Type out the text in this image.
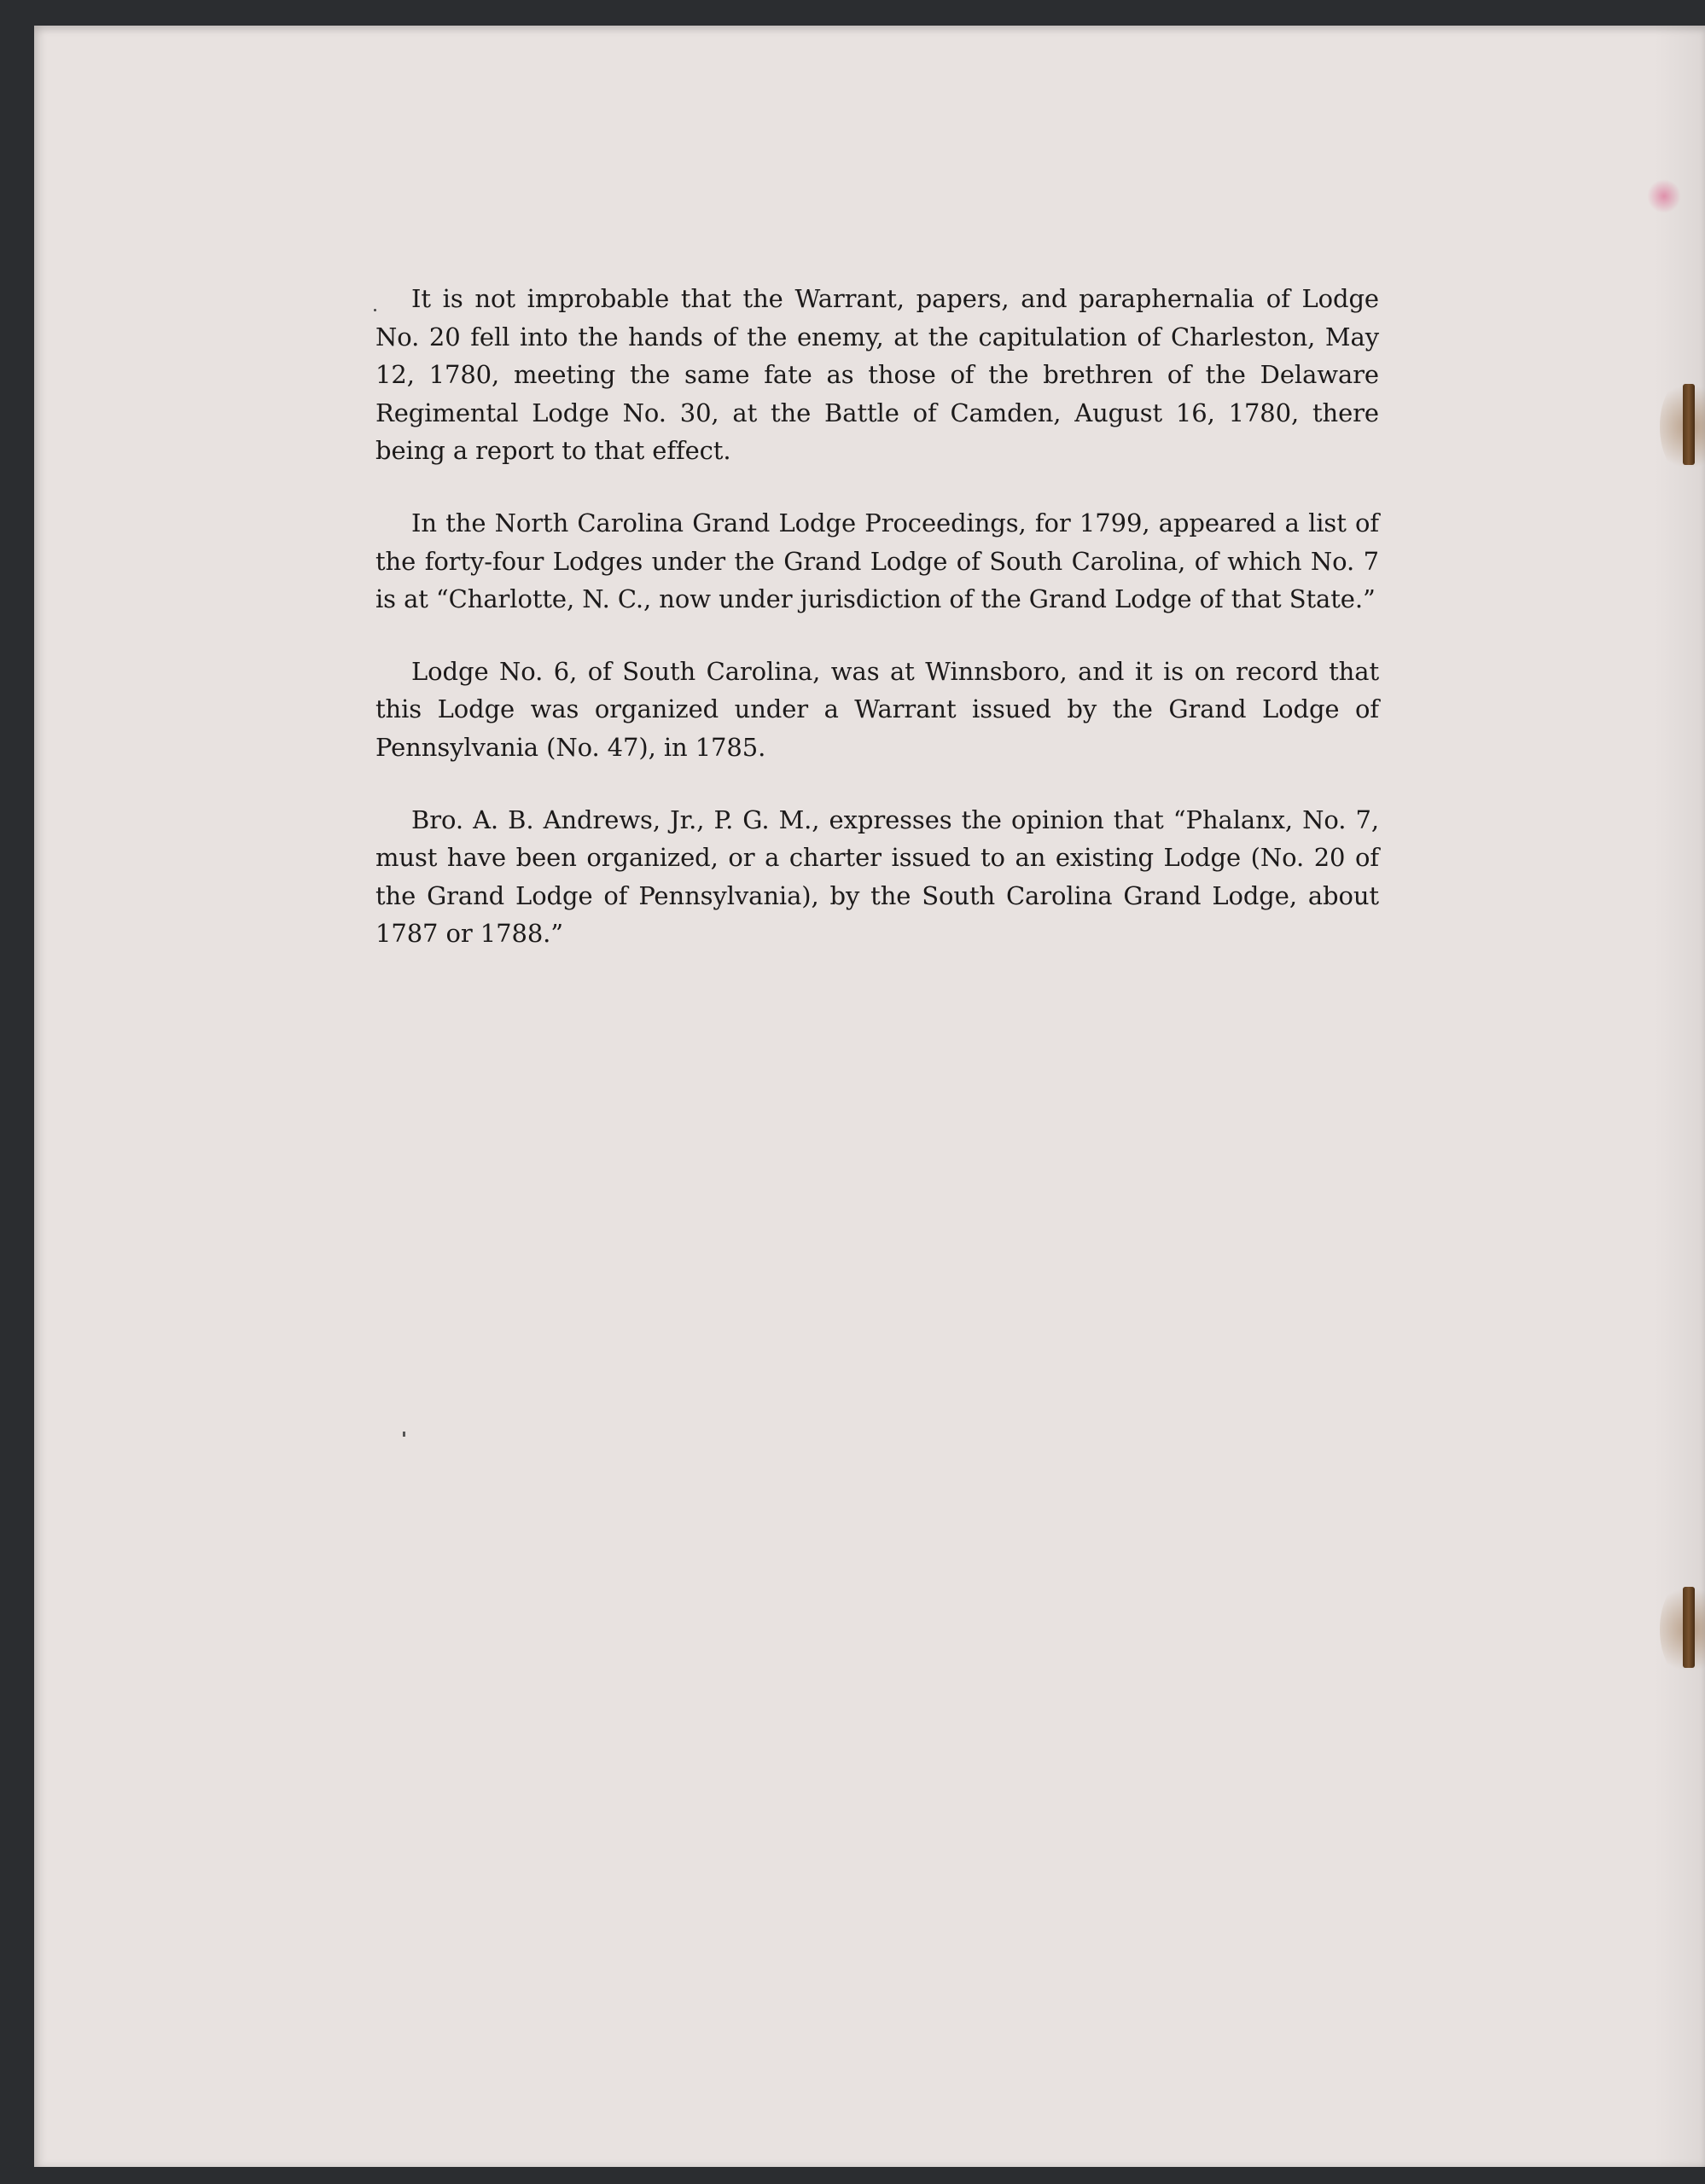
It is not improbable that the Warrant, papers, and paraphernalia of Lodge No. 20 fell into the hands of the enemy, at the capitulation of Charleston, May 12, 1780, meeting the same fate as those of the brethren of the Delaware Regimental Lodge No. 30, at the Battle of Camden, August 16, 1780, there being a report to that effect.

In the North Carolina Grand Lodge Proceedings, for 1799, appeared a list of the forty-four Lodges under the Grand Lodge of South Carolina, of which No. 7 is at “Charlotte, N. C., now under jurisdiction of the Grand Lodge of that State.”

Lodge No. 6, of South Carolina, was at Winnsboro, and it is on record that this Lodge was organized under a Warrant issued by the Grand Lodge of Pennsylvania (No. 47), in 1785.

Bro. A. B. Andrews, Jr., P. G. M., expresses the opinion that “Phalanx, No. 7, must have been organized, or a charter issued to an existing Lodge (No. 20 of the Grand Lodge of Pennsylvania), by the South Carolina Grand Lodge, about 1787 or 1788.”
